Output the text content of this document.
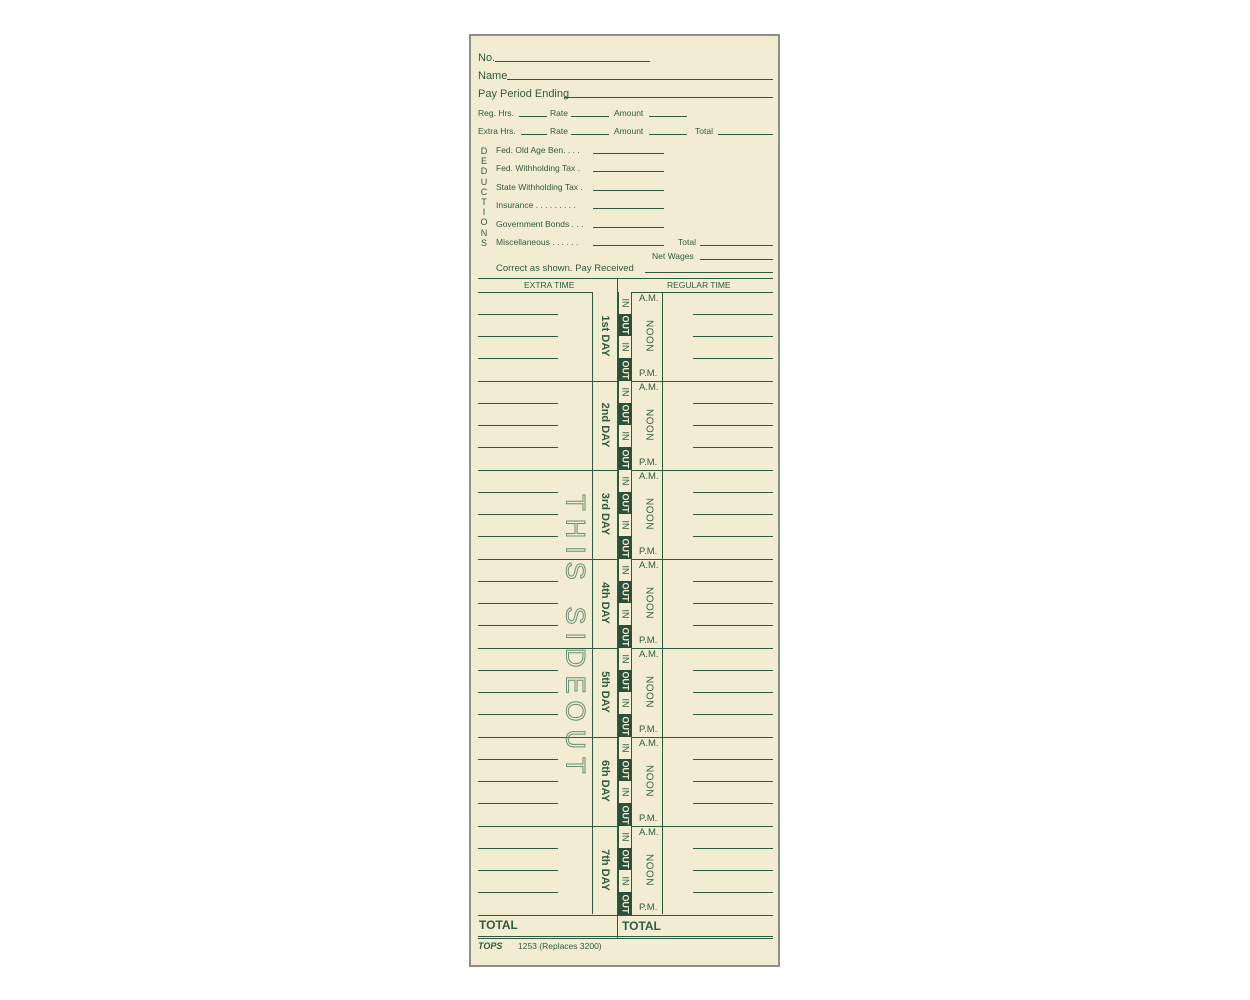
No.
Name
Pay Period Ending
Reg. Hrs.	Rate	Amount
Extra Hrs.	Rate	Amount	Total
D
E
D
U
C
T
I
O
N
S
Fed. Old Age Ben. . . .
Fed. Withholding Tax .
State Withholding Tax .
Insurance . . . . . . . . .
Government Bonds . . .
Miscellaneous . . . . . .	Total
Net Wages
Correct as shown. Pay Received
EXTRA TIME	REGULAR TIME
1st DAY
IN
OUT
IN
OUT
A.M.
P.M.
NOON
2nd DAY
IN
OUT
IN
OUT
A.M.
P.M.
NOON
3rd DAY
IN
OUT
IN
OUT
A.M.
P.M.
NOON
4th DAY
IN
OUT
IN
OUT
A.M.
P.M.
NOON
5th DAY
IN
OUT
IN
OUT
A.M.
P.M.
NOON
6th DAY
IN
OUT
IN
OUT
A.M.
P.M.
NOON
7th DAY
IN
OUT
IN
OUT
A.M.
P.M.
NOON
THIS
SIDE
OUT
TOTAL	TOTAL
TOPS 1253 (Replaces 3200)
